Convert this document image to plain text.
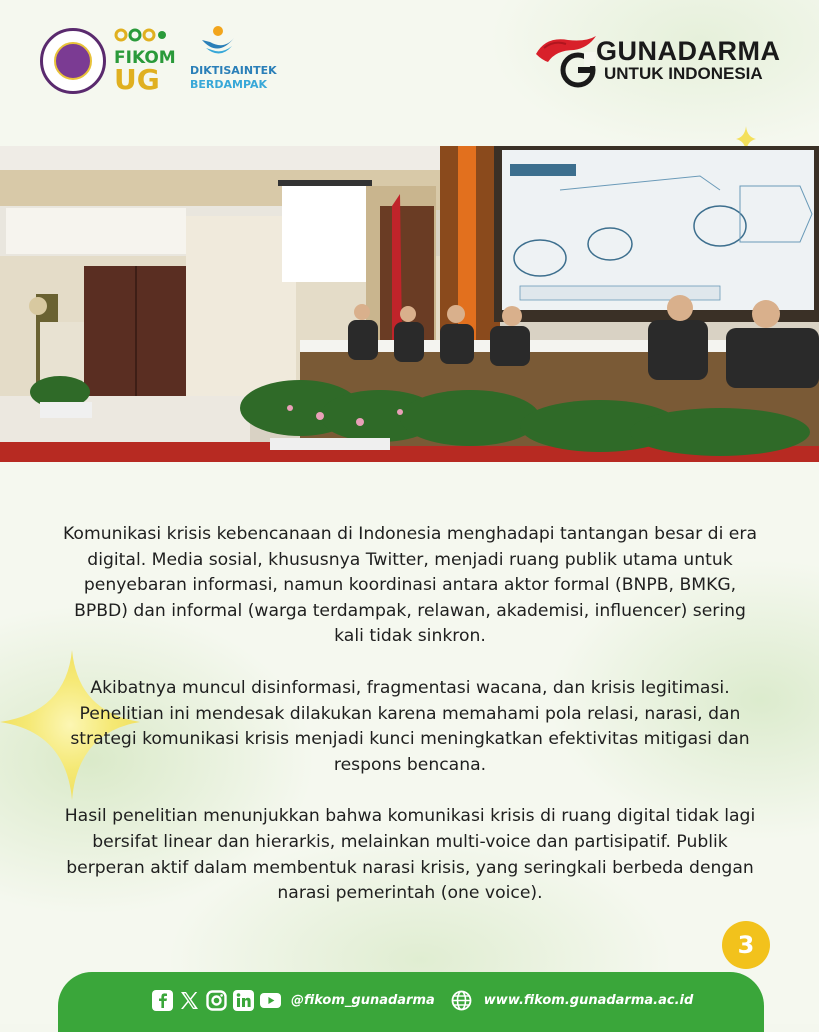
FIKOM
UG	DIKTISAINTEK
BERDAMPAK
GUNADARMA
UNTUK INDONESIA

Komunikasi krisis kebencanaan di Indonesia menghadapi tantangan besar di era digital. Media sosial, khususnya Twitter, menjadi ruang publik utama untuk penyebaran informasi, namun koordinasi antara aktor formal (BNPB, BMKG, BPBD) dan informal (warga terdampak, relawan, akademisi, influencer) sering kali tidak sinkron.

Akibatnya muncul disinformasi, fragmentasi wacana, dan krisis legitimasi. Penelitian ini mendesak dilakukan karena memahami pola relasi, narasi, dan strategi komunikasi krisis menjadi kunci meningkatkan efektivitas mitigasi dan respons bencana.

Hasil penelitian menunjukkan bahwa komunikasi krisis di ruang digital tidak lagi bersifat linear dan hierarkis, melainkan multi-voice dan partisipatif. Publik berperan aktif dalam membentuk narasi krisis, yang seringkali berbeda dengan narasi pemerintah (one voice).

3
@fikom_gunadarma	www.fikom.gunadarma.ac.id
